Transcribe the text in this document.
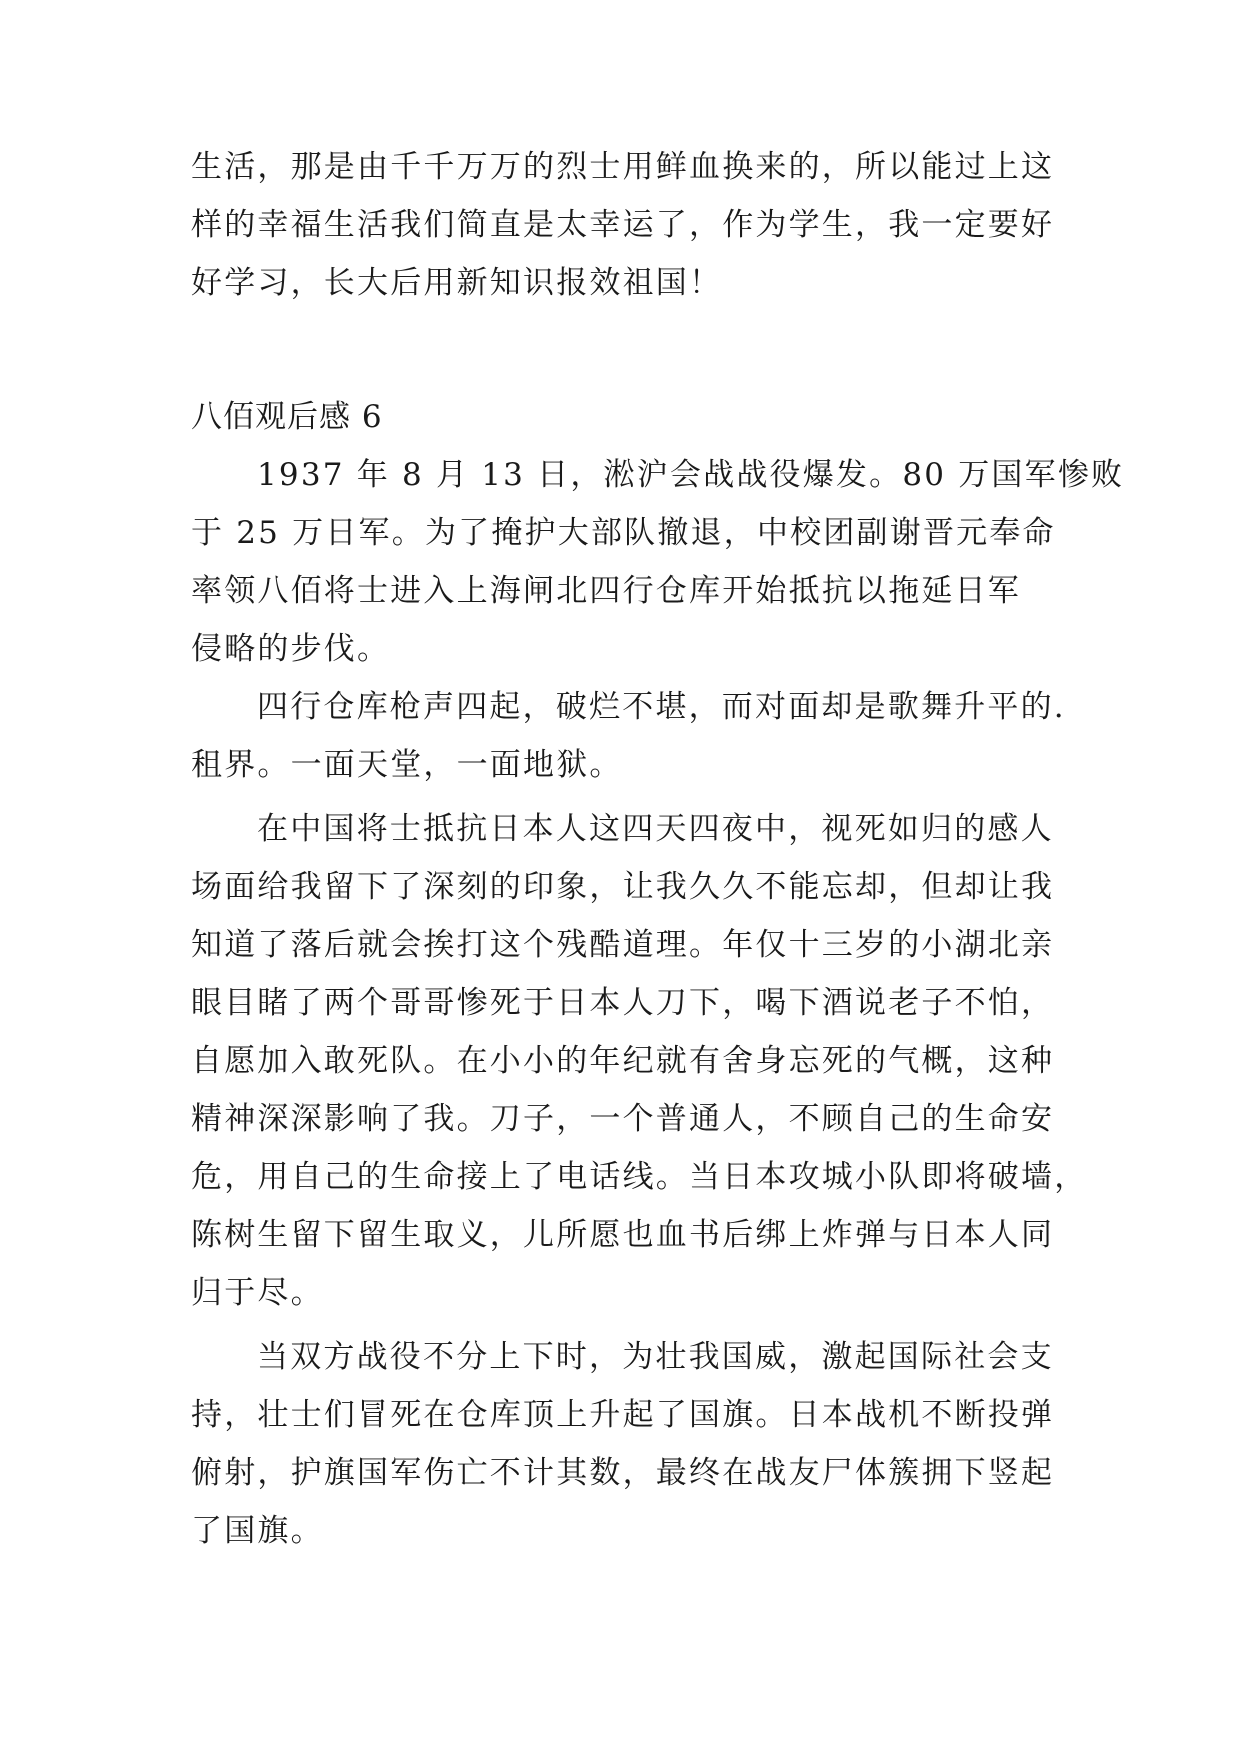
生活，那是由千千万万的烈士用鲜血换来的，所以能过上这
样的幸福生活我们简直是太幸运了，作为学生，我一定要好
好学习，长大后用新知识报效祖国！
八佰观后感 6
1937 年 8 月 13 日，淞沪会战战役爆发。80 万国军惨败
于 25 万日军。为了掩护大部队撤退，中校团副谢晋元奉命
率领八佰将士进入上海闸北四行仓库开始抵抗以拖延日军
侵略的步伐。
四行仓库枪声四起，破烂不堪，而对面却是歌舞升平的.
租界。一面天堂，一面地狱。
在中国将士抵抗日本人这四天四夜中，视死如归的感人
场面给我留下了深刻的印象，让我久久不能忘却，但却让我
知道了落后就会挨打这个残酷道理。年仅十三岁的小湖北亲
眼目睹了两个哥哥惨死于日本人刀下，喝下酒说老子不怕，
自愿加入敢死队。在小小的年纪就有舍身忘死的气概，这种
精神深深影响了我。刀子，一个普通人，不顾自己的生命安
危，用自己的生命接上了电话线。当日本攻城小队即将破墙，
陈树生留下留生取义，儿所愿也血书后绑上炸弹与日本人同
归于尽。
当双方战役不分上下时，为壮我国威，激起国际社会支
持，壮士们冒死在仓库顶上升起了国旗。日本战机不断投弹
俯射，护旗国军伤亡不计其数，最终在战友尸体簇拥下竖起
了国旗。
